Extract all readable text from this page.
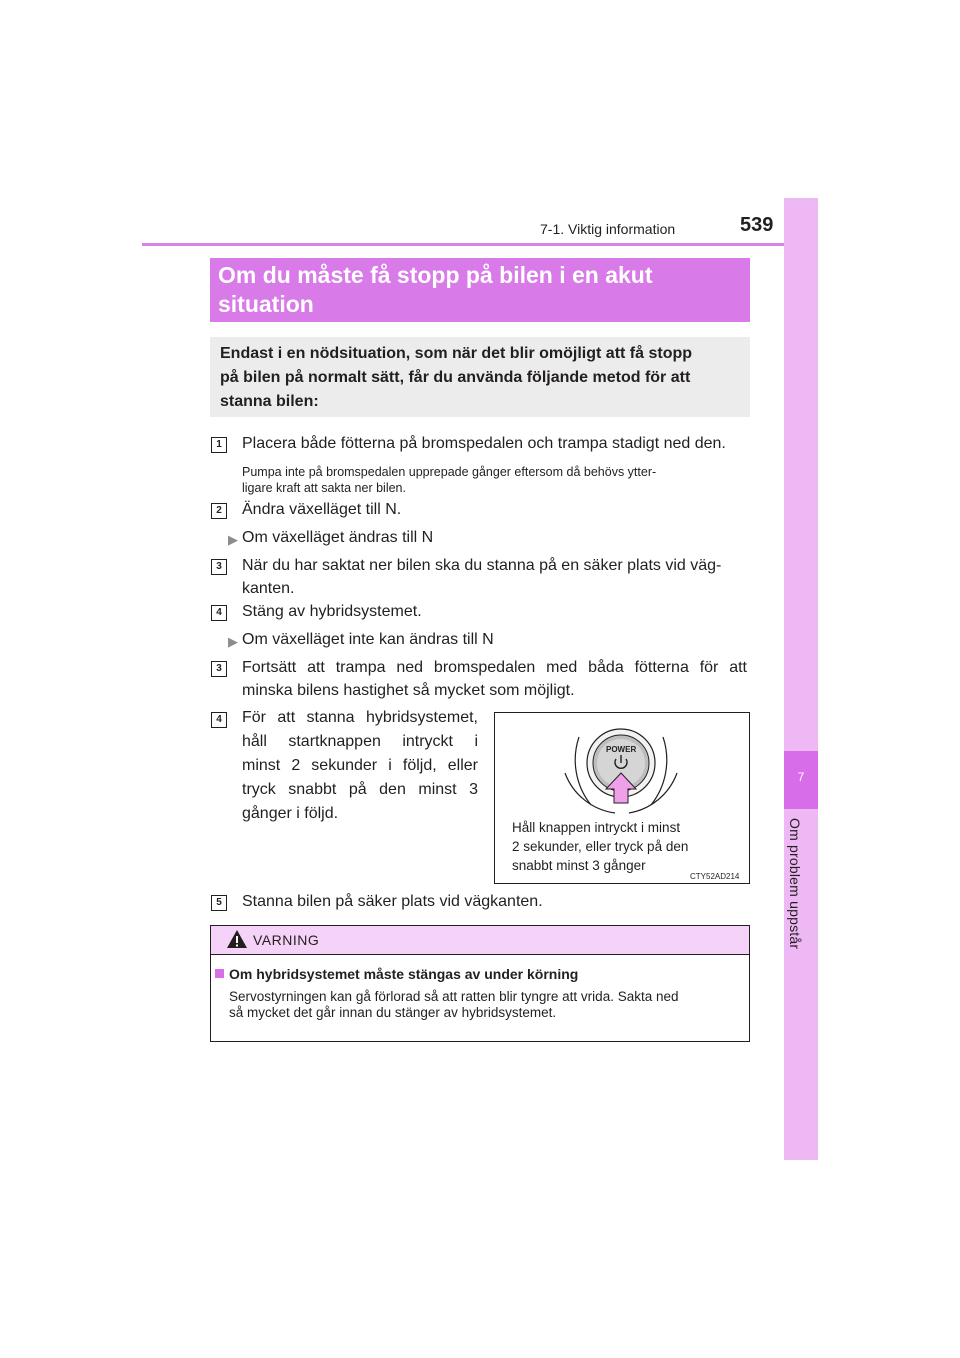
7-1. Viktig information	539
7
Om problem uppstår
Om du måste få stopp på bilen i en akut
situation
Endast i en nödsituation, som när det blir omöjligt att få stopp
på bilen på normalt sätt, får du använda följande metod för att
stanna bilen:
1	Placera både fötterna på bromspedalen och trampa stadigt ned den.
Pumpa inte på bromspedalen upprepade gånger eftersom då behövs ytter-
ligare kraft att sakta ner bilen.
2	Ändra växelläget till N.
▶ Om växelläget ändras till N
3	När du har saktat ner bilen ska du stanna på en säker plats vid väg-
kanten.
4	Stäng av hybridsystemet.
▶ Om växelläget inte kan ändras till N
3	Fortsätt att trampa ned bromspedalen med båda fötterna för att
minska bilens hastighet så mycket som möjligt.
4	För att stanna hybridsystemet,
håll startknappen intryckt i
minst 2 sekunder i följd, eller
tryck snabbt på den minst 3
gånger i följd.
POWER
Håll knappen intryckt i minst
2 sekunder, eller tryck på den
snabbt minst 3 gånger
CTY52AD214
5	Stanna bilen på säker plats vid vägkanten.
VARNING
Om hybridsystemet måste stängas av under körning
Servostyrningen kan gå förlorad så att ratten blir tyngre att vrida. Sakta ned
så mycket det går innan du stänger av hybridsystemet.
